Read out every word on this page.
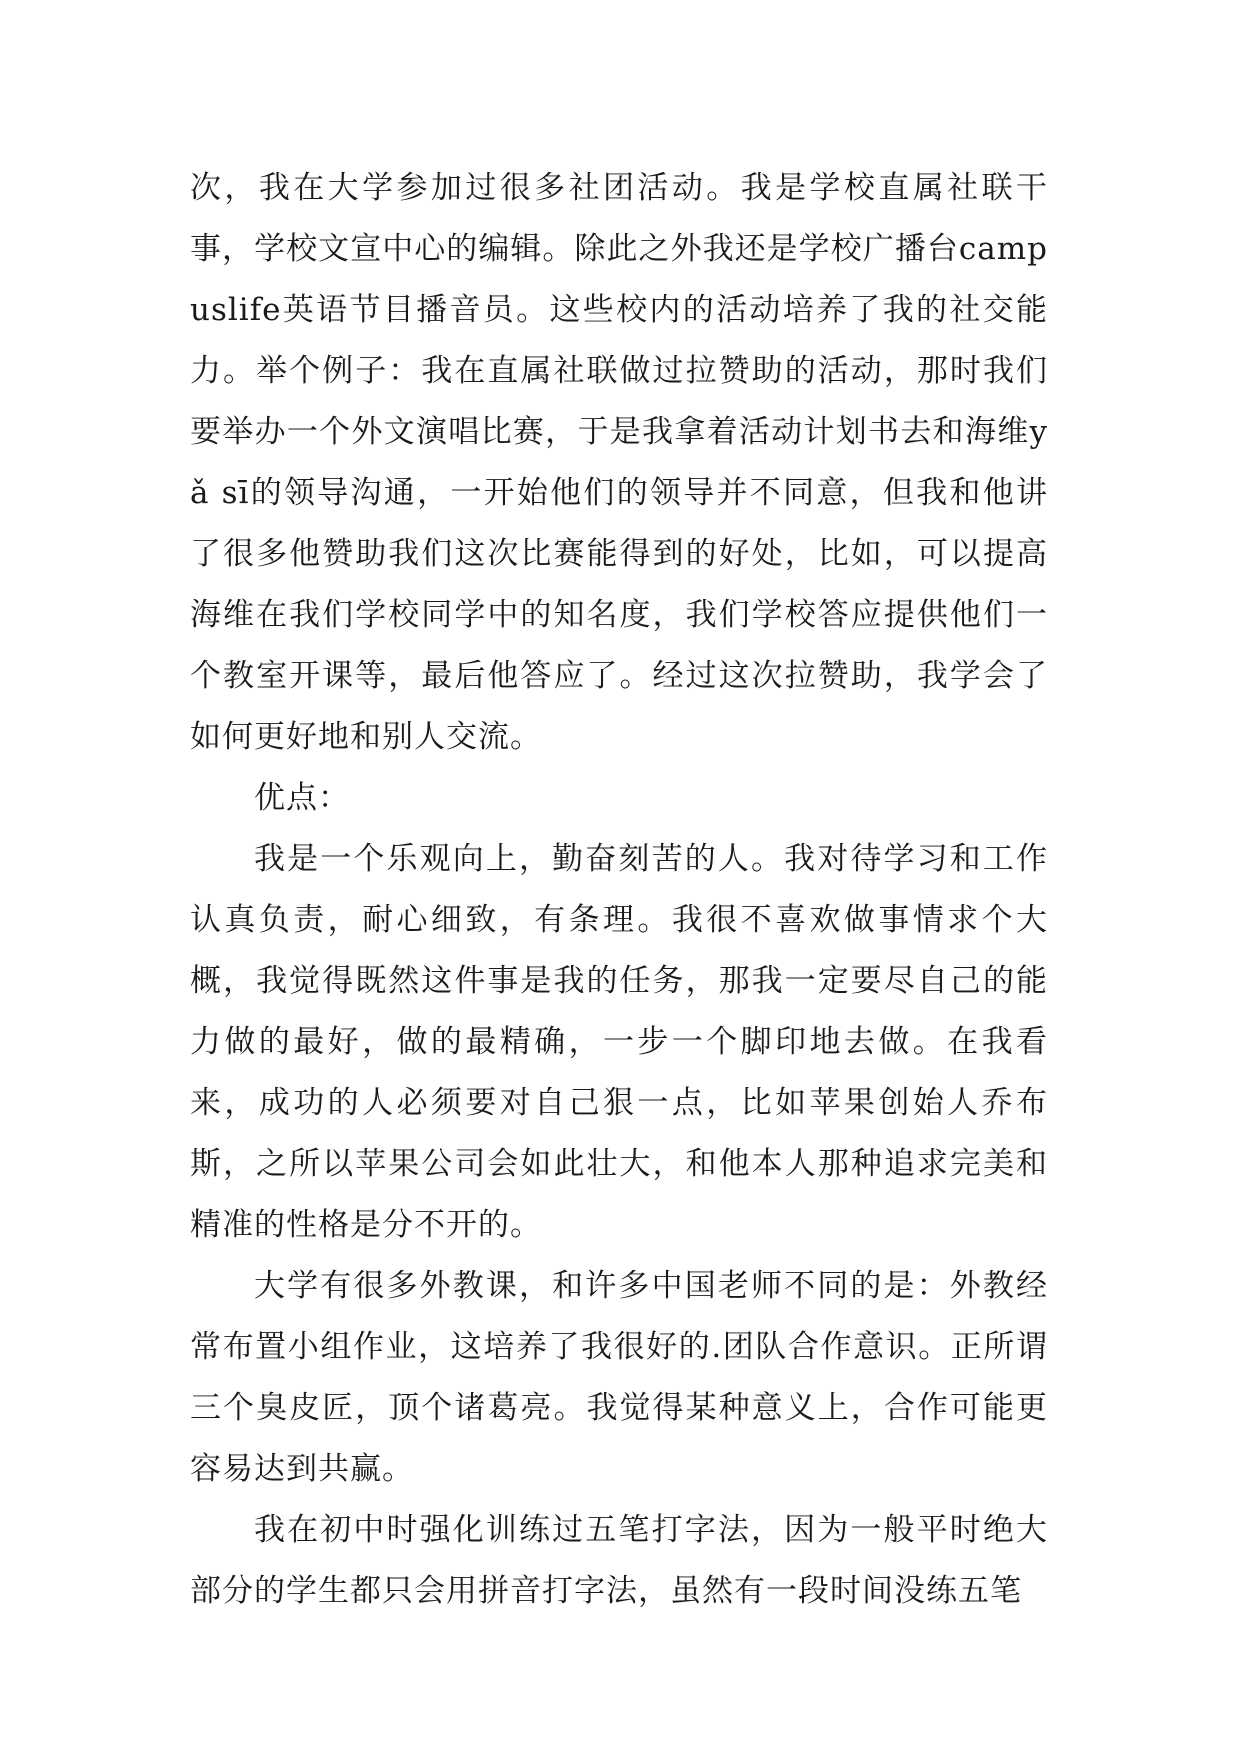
次，我在大学参加过很多社团活动。我是学校直属社联干事，学校文宣中心的编辑。除此之外我还是学校广播台campuslife英语节目播音员。这些校内的活动培养了我的社交能力。举个例子：我在直属社联做过拉赞助的活动，那时我们要举办一个外文演唱比赛，于是我拿着活动计划书去和海维yǎ sī的领导沟通，一开始他们的领导并不同意，但我和他讲了很多他赞助我们这次比赛能得到的好处，比如，可以提高海维在我们学校同学中的知名度，我们学校答应提供他们一个教室开课等，最后他答应了。经过这次拉赞助，我学会了如何更好地和别人交流。

优点：

我是一个乐观向上，勤奋刻苦的人。我对待学习和工作认真负责，耐心细致，有条理。我很不喜欢做事情求个大概，我觉得既然这件事是我的任务，那我一定要尽自己的能力做的最好，做的最精确，一步一个脚印地去做。在我看来，成功的人必须要对自己狠一点，比如苹果创始人乔布斯，之所以苹果公司会如此壮大，和他本人那种追求完美和精准的性格是分不开的。

大学有很多外教课，和许多中国老师不同的是：外教经常布置小组作业，这培养了我很好的.团队合作意识。正所谓三个臭皮匠，顶个诸葛亮。我觉得某种意义上，合作可能更容易达到共赢。

我在初中时强化训练过五笔打字法，因为一般平时绝大部分的学生都只会用拼音打字法，虽然有一段时间没练五笔
